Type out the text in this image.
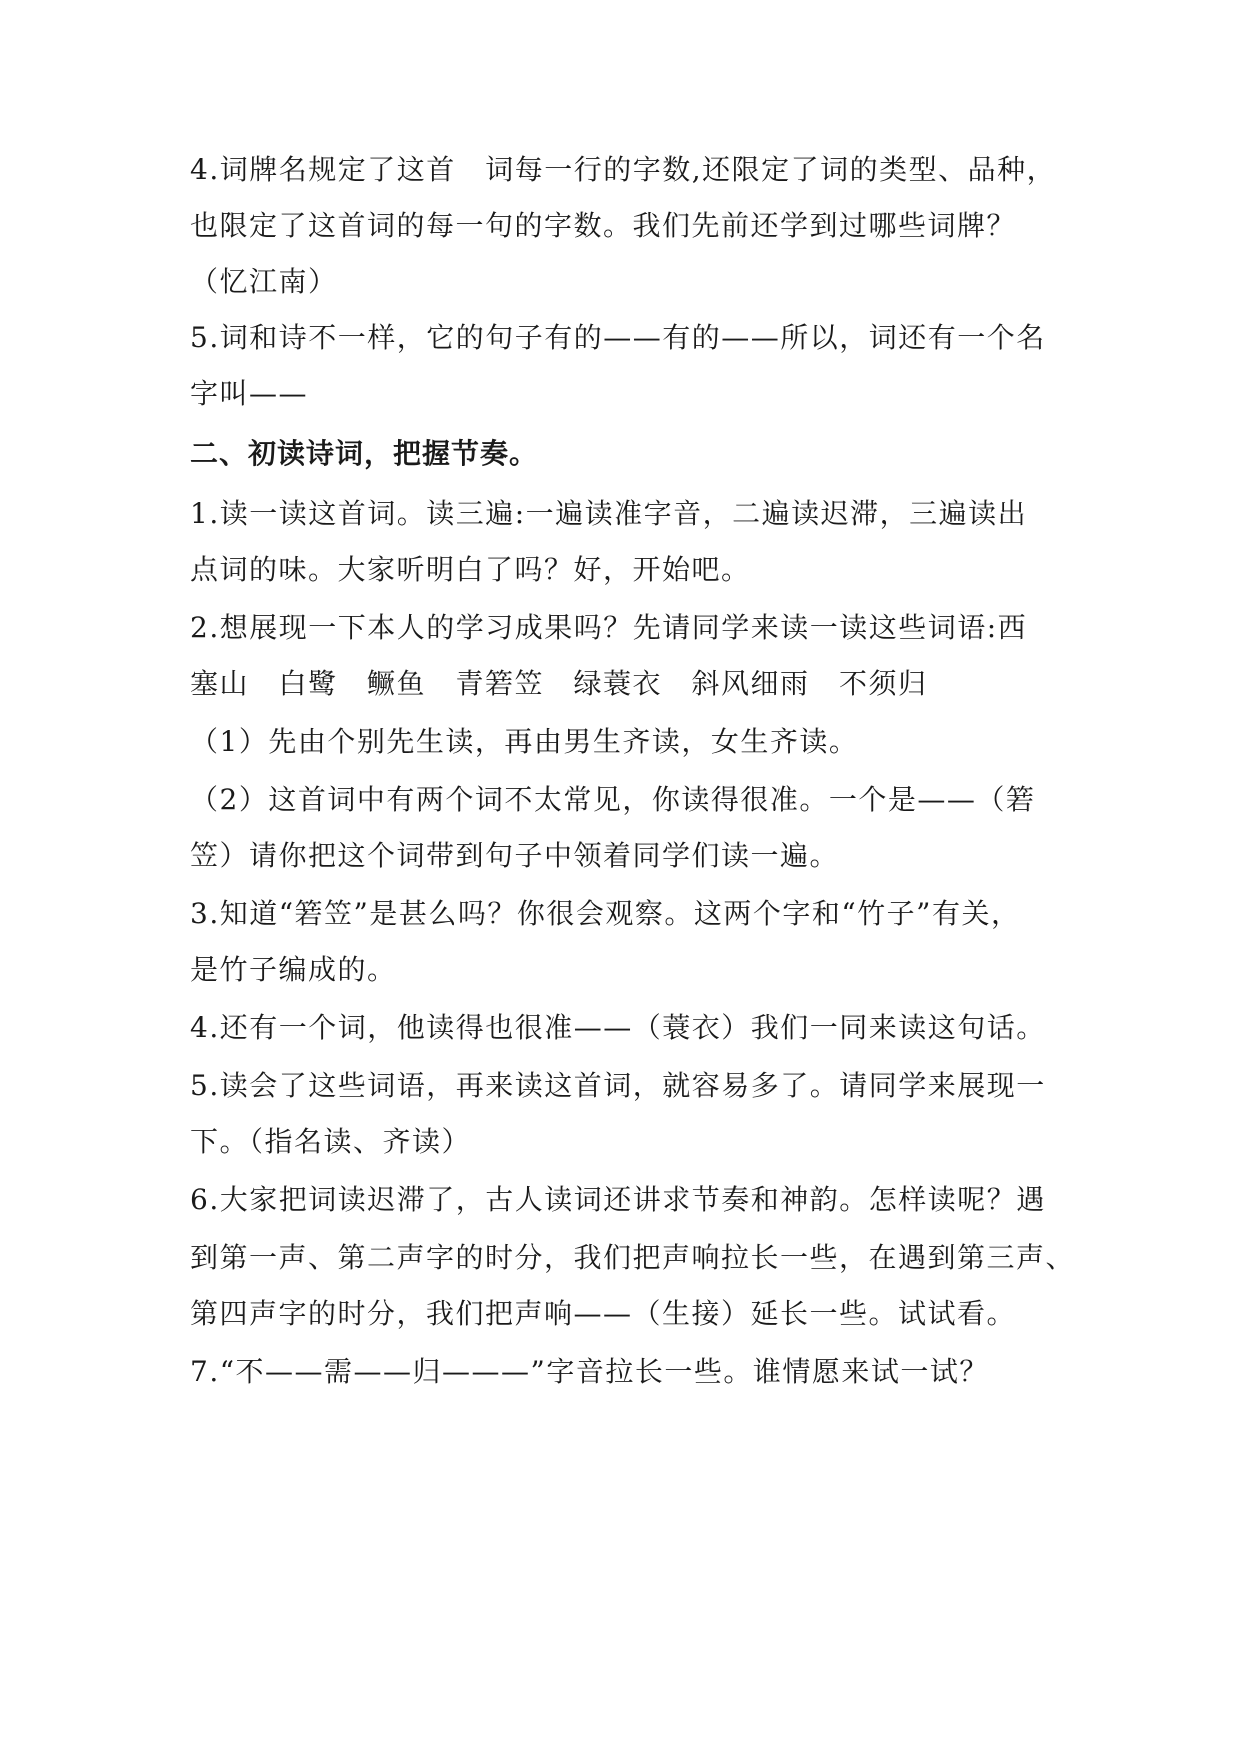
4.词牌名规定了这首　词每一行的字数,还限定了词的类型、品种，
也限定了这首词的每一句的字数。我们先前还学到过哪些词牌？
（忆江南）
5.词和诗不一样，它的句子有的——有的——所以，词还有一个名
字叫——
二、初读诗词，把握节奏。
1.读一读这首词。读三遍:一遍读准字音，二遍读迟滞，三遍读出
点词的味。大家听明白了吗？好，开始吧。
2.想展现一下本人的学习成果吗？先请同学来读一读这些词语:西
塞山　白鹭　鳜鱼　青箬笠　绿蓑衣　斜风细雨　不须归
（1）先由个别先生读，再由男生齐读，女生齐读。
（2）这首词中有两个词不太常见，你读得很准。一个是——（箬
笠）请你把这个词带到句子中领着同学们读一遍。
3.知道“箬笠”是甚么吗？你很会观察。这两个字和“竹子”有关，
是竹子编成的。
4.还有一个词，他读得也很准——（蓑衣）我们一同来读这句话。
5.读会了这些词语，再来读这首词，就容易多了。请同学来展现一
下。（指名读、齐读）
6.大家把词读迟滞了，古人读词还讲求节奏和神韵。怎样读呢？遇
到第一声、第二声字的时分，我们把声响拉长一些，在遇到第三声、
第四声字的时分，我们把声响——（生接）延长一些。试试看。
7.“不——需——归———”字音拉长一些。谁情愿来试一试？
